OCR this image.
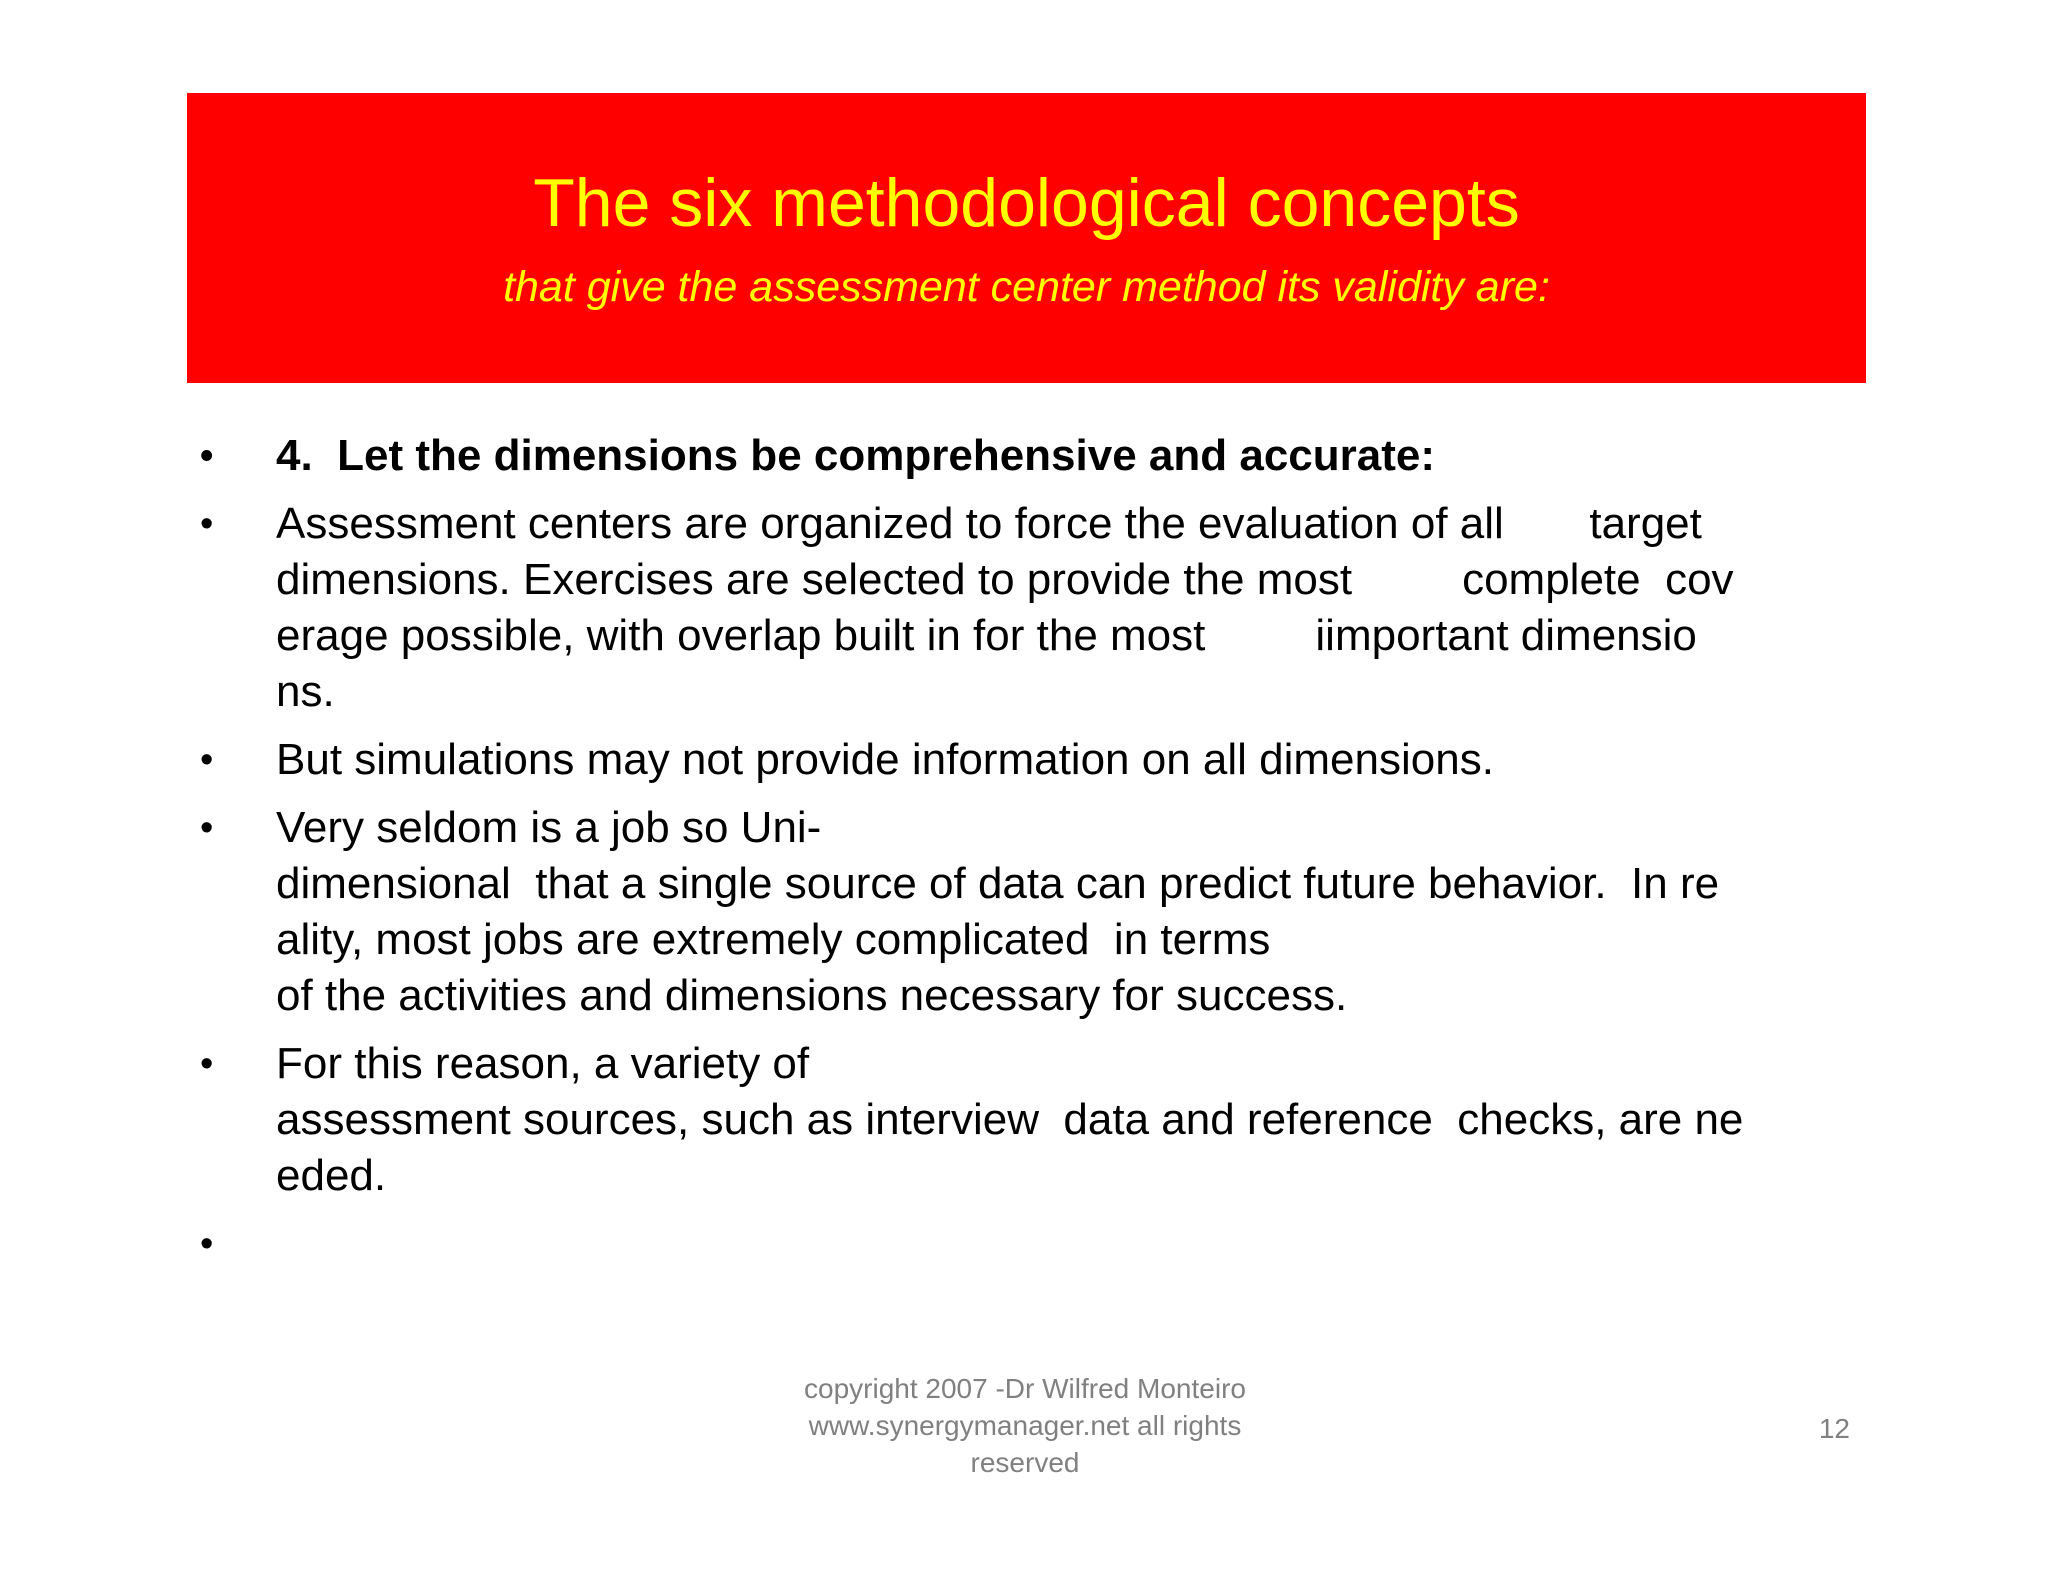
The six methodological concepts
that give the assessment center method its validity are:
•	4.  Let the dimensions be comprehensive and accurate:
•	Assessment centers are organized to force the evaluation of all       target
dimensions. Exercises are selected to provide the most         complete  cov
erage possible, with overlap built in for the most         iimportant dimensio
ns.
•	But simulations may not provide information on all dimensions.
•	Very seldom is a job so Uni-
dimensional  that a single source of data can predict future behavior.  In re
ality, most jobs are extremely complicated  in terms
of the activities and dimensions necessary for success.
•	For this reason, a variety of
assessment sources, such as interview  data and reference  checks, are ne
eded.
•
copyright 2007 -Dr Wilfred Monteiro
www.synergymanager.net all rights
reserved
12
